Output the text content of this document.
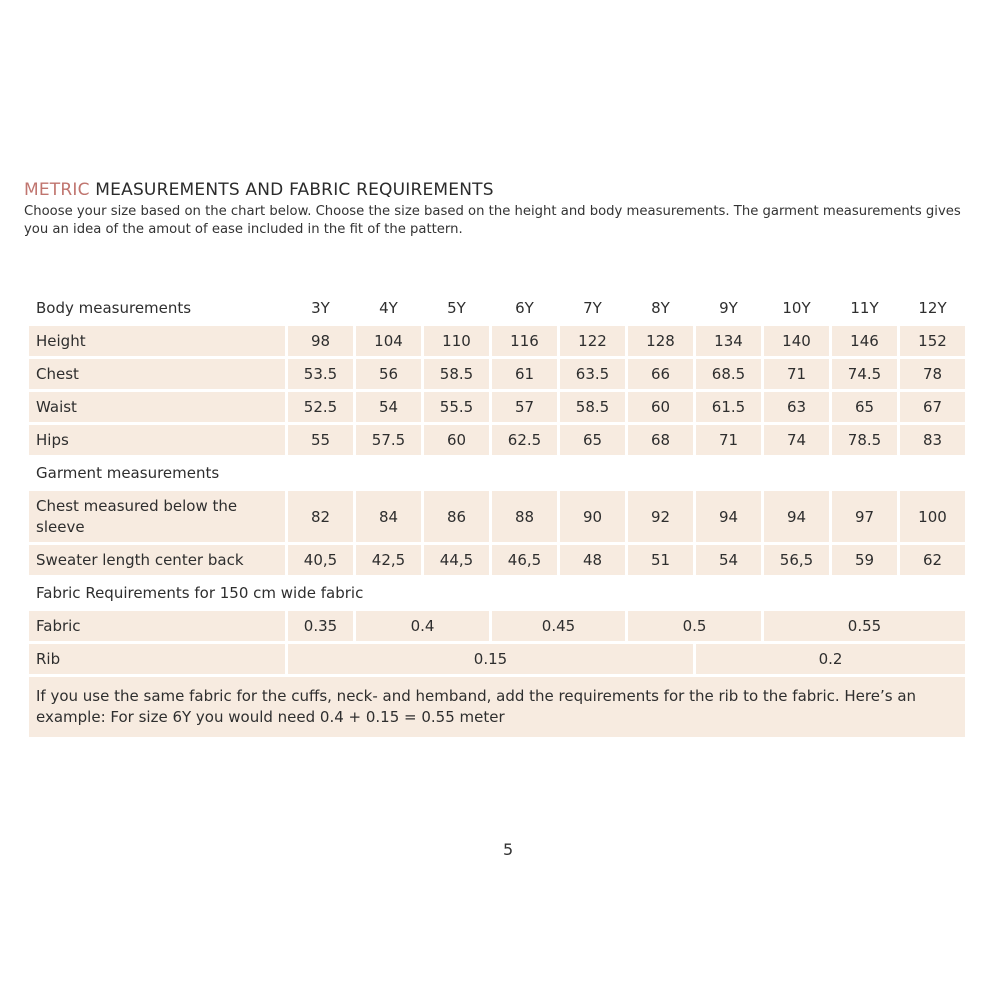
METRIC MEASUREMENTS AND FABRIC REQUIREMENTS
Choose your size based on the chart below. Choose the size based on the height and body measurements. The garment measurements gives you an idea of the amout of ease included in the fit of the pattern.
Body measurements	3Y	4Y	5Y	6Y	7Y	8Y	9Y	10Y	11Y	12Y
Height	98	104	110	116	122	128	134	140	146	152
Chest	53.5	56	58.5	61	63.5	66	68.5	71	74.5	78
Waist	52.5	54	55.5	57	58.5	60	61.5	63	65	67
Hips	55	57.5	60	62.5	65	68	71	74	78.5	83
Garment measurements										
Chest measured below the sleeve	82	84	86	88	90	92	94	94	97	100
Sweater length center back	40,5	42,5	44,5	46,5	48	51	54	56,5	59	62
Fabric Requirements for 150 cm wide fabric										
Fabric	0.35	0.4		0.45		0.5		0.55		
Rib	0.15						0.2			
If you use the same fabric for the cuffs, neck- and hemband, add the requirements for the rib to the fabric. Here’s an example: For size 6Y you would need 0.4 + 0.15 = 0.55 meter										
5
